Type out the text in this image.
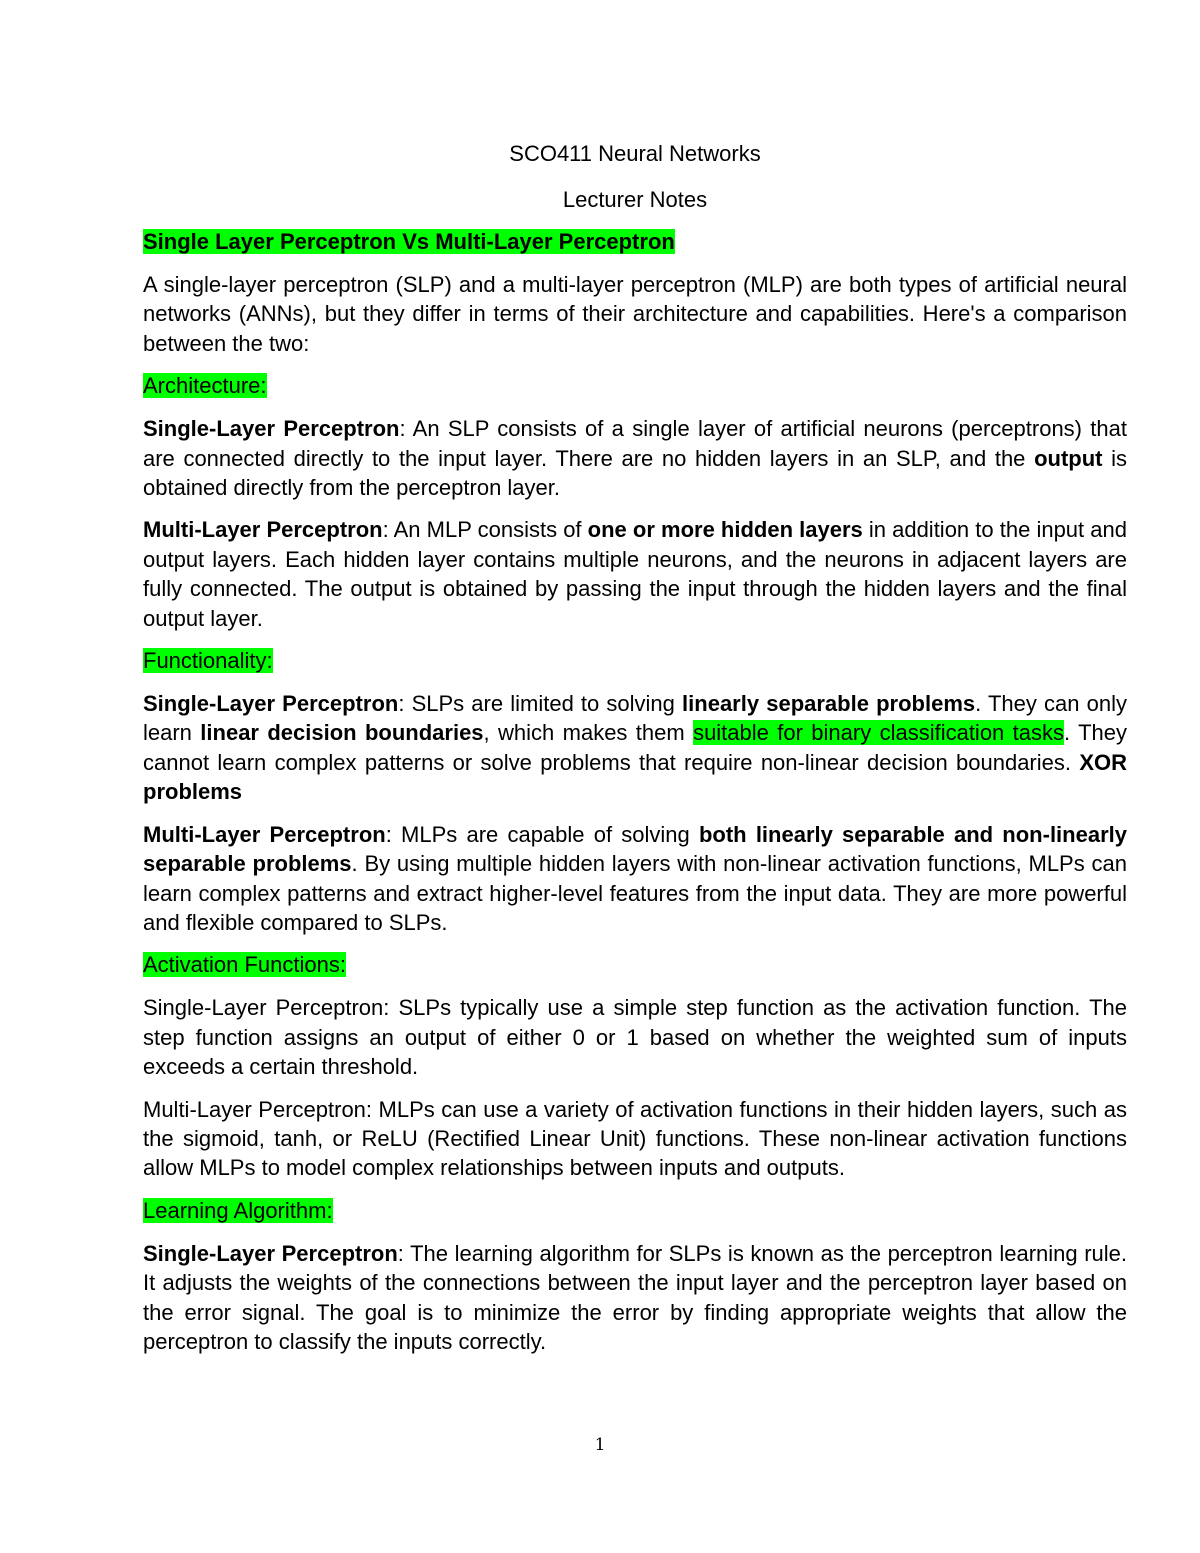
SCO411 Neural Networks

Lecturer Notes

Single Layer Perceptron Vs Multi-Layer Perceptron

A single-layer perceptron (SLP) and a multi-layer perceptron (MLP) are both types of artificial neural networks (ANNs), but they differ in terms of their architecture and capabilities. Here's a comparison between the two:

Architecture:

Single-Layer Perceptron: An SLP consists of a single layer of artificial neurons (perceptrons) that are connected directly to the input layer. There are no hidden layers in an SLP, and the output is obtained directly from the perceptron layer.

Multi-Layer Perceptron: An MLP consists of one or more hidden layers in addition to the input and output layers. Each hidden layer contains multiple neurons, and the neurons in adjacent layers are fully connected. The output is obtained by passing the input through the hidden layers and the final output layer.

Functionality:

Single-Layer Perceptron: SLPs are limited to solving linearly separable problems. They can only learn linear decision boundaries, which makes them suitable for binary classification tasks. They cannot learn complex patterns or solve problems that require non-linear decision boundaries. XOR problems

Multi-Layer Perceptron: MLPs are capable of solving both linearly separable and non-linearly separable problems. By using multiple hidden layers with non-linear activation functions, MLPs can learn complex patterns and extract higher-level features from the input data. They are more powerful and flexible compared to SLPs.

Activation Functions:

Single-Layer Perceptron: SLPs typically use a simple step function as the activation function. The step function assigns an output of either 0 or 1 based on whether the weighted sum of inputs exceeds a certain threshold.

Multi-Layer Perceptron: MLPs can use a variety of activation functions in their hidden layers, such as the sigmoid, tanh, or ReLU (Rectified Linear Unit) functions. These non-linear activation functions allow MLPs to model complex relationships between inputs and outputs.

Learning Algorithm:

Single-Layer Perceptron: The learning algorithm for SLPs is known as the perceptron learning rule. It adjusts the weights of the connections between the input layer and the perceptron layer based on the error signal. The goal is to minimize the error by finding appropriate weights that allow the perceptron to classify the inputs correctly.

1
